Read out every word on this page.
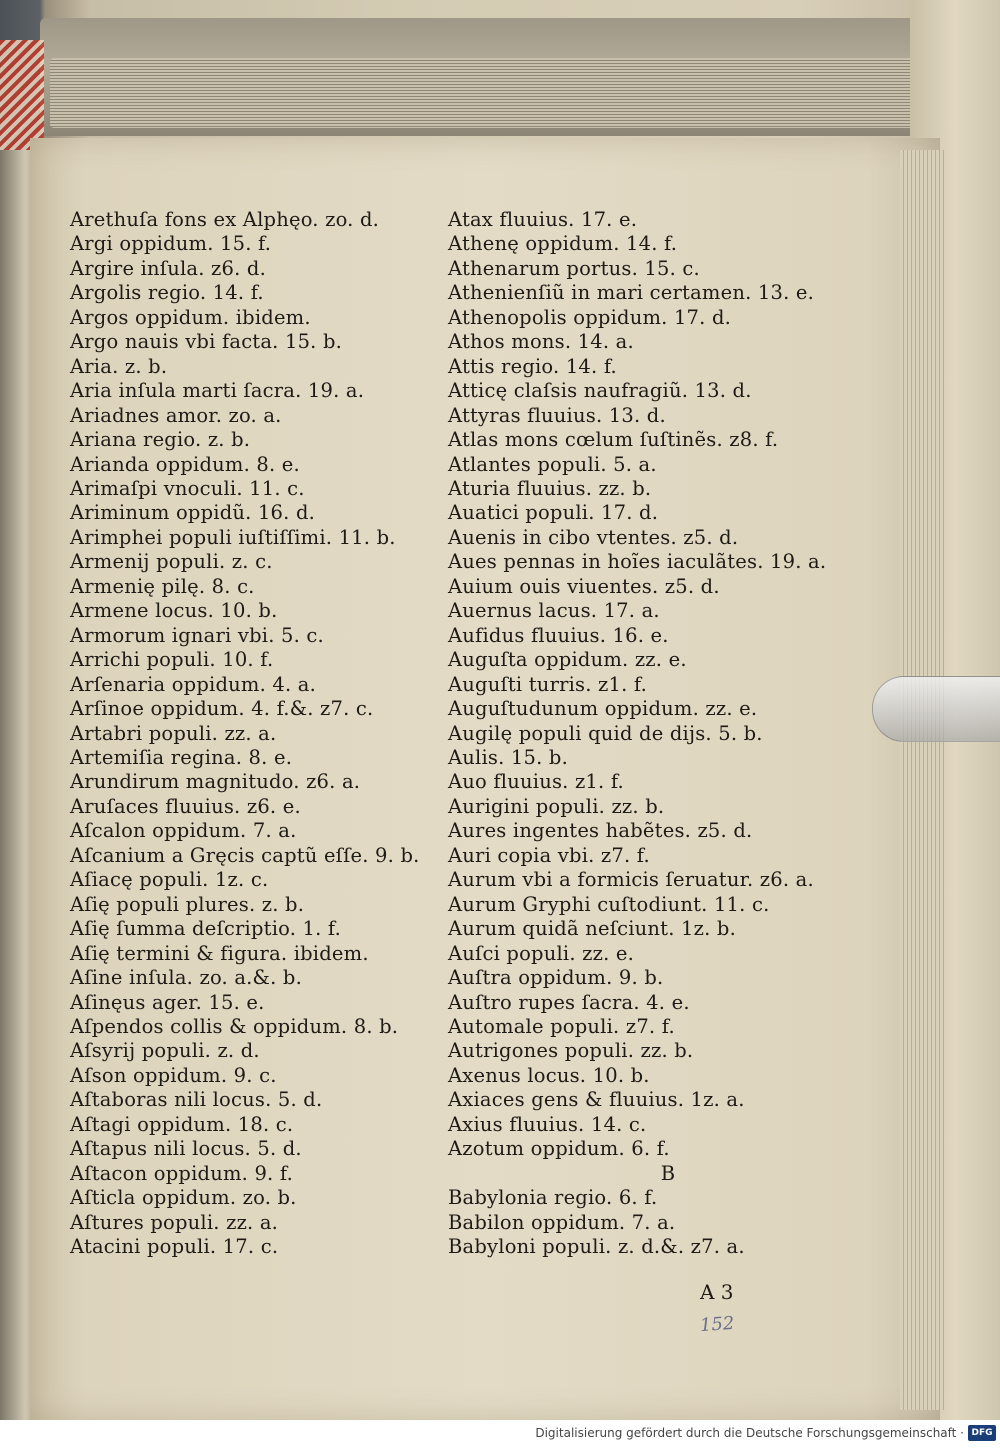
Arethuſa fons ex Alphęo. zo. d.
Argi oppidum. 15. f.
Argire inſula. z6. d.
Argolis regio. 14. f.
Argos oppidum. ibidem.
Argo nauis vbi facta. 15. b.
Aria. z. b.
Aria inſula marti ſacra. 19. a.
Ariadnes amor. zo. a.
Ariana regio. z. b.
Arianda oppidum. 8. e.
Arimaſpi vnoculi. 11. c.
Ariminum oppidũ. 16. d.
Arimphei populi iuſtiſſimi. 11. b.
Armenij populi. z. c.
Armenię pilę. 8. c.
Armene locus. 10. b.
Armorum ignari vbi. 5. c.
Arrichi populi. 10. f.
Arſenaria oppidum. 4. a.
Arſinoe oppidum. 4. f.&. z7. c.
Artabri populi. zz. a.
Artemiſia regina. 8. e.
Arundirum magnitudo. z6. a.
Aruſaces fluuius. z6. e.
Aſcalon oppidum. 7. a.
Aſcanium a Gręcis captũ eſſe. 9. b.
Aſiacę populi. 1z. c.
Aſię populi plures. z. b.
Aſię ſumma deſcriptio. 1. f.
Aſię termini & figura. ibidem.
Aſine inſula. zo. a.&. b.
Aſinęus ager. 15. e.
Aſpendos collis & oppidum. 8. b.
Aſsyrij populi. z. d.
Aſson oppidum. 9. c.
Aſtaboras nili locus. 5. d.
Aſtagi oppidum. 18. c.
Aſtapus nili locus. 5. d.
Aſtacon oppidum. 9. f.
Aſticla oppidum. zo. b.
Aſtures populi. zz. a.
Atacini populi. 17. c.
Atax fluuius. 17. e.
Athenę oppidum. 14. f.
Athenarum portus. 15. c.
Athenienſiũ in mari certamen. 13. e.
Athenopolis oppidum. 17. d.
Athos mons. 14. a.
Attis regio. 14. f.
Atticę claſsis naufragiũ. 13. d.
Attyras fluuius. 13. d.
Atlas mons cœlum ſuſtinẽs. z8. f.
Atlantes populi. 5. a.
Aturia fluuius. zz. b.
Auatici populi. 17. d.
Auenis in cibo vtentes. z5. d.
Aues pennas in hoĩes iaculãtes. 19. a.
Auium ouis viuentes. z5. d.
Auernus lacus. 17. a.
Aufidus fluuius. 16. e.
Auguſta oppidum. zz. e.
Auguſti turris. z1. f.
Auguſtudunum oppidum. zz. e.
Augilę populi quid de dijs. 5. b.
Aulis. 15. b.
Auo fluuius. z1. f.
Aurigini populi. zz. b.
Aures ingentes habẽtes. z5. d.
Auri copia vbi. z7. f.
Aurum vbi a formicis ſeruatur. z6. a.
Aurum Gryphi cuſtodiunt. 11. c.
Aurum quidã neſciunt. 1z. b.
Auſci populi. zz. e.
Auſtra oppidum. 9. b.
Auſtro rupes ſacra. 4. e.
Automale populi. z7. f.
Autrigones populi. zz. b.
Axenus locus. 10. b.
Axiaces gens & fluuius. 1z. a.
Axius fluuius. 14. c.
Azotum oppidum. 6. f.
B
Babylonia regio. 6. f.
Babilon oppidum. 7. a.
Babyloni populi. z. d.&. z7. a.
A 3
152
Digitalisierung gefördert durch die Deutsche Forschungsgemeinschaft · DFG
